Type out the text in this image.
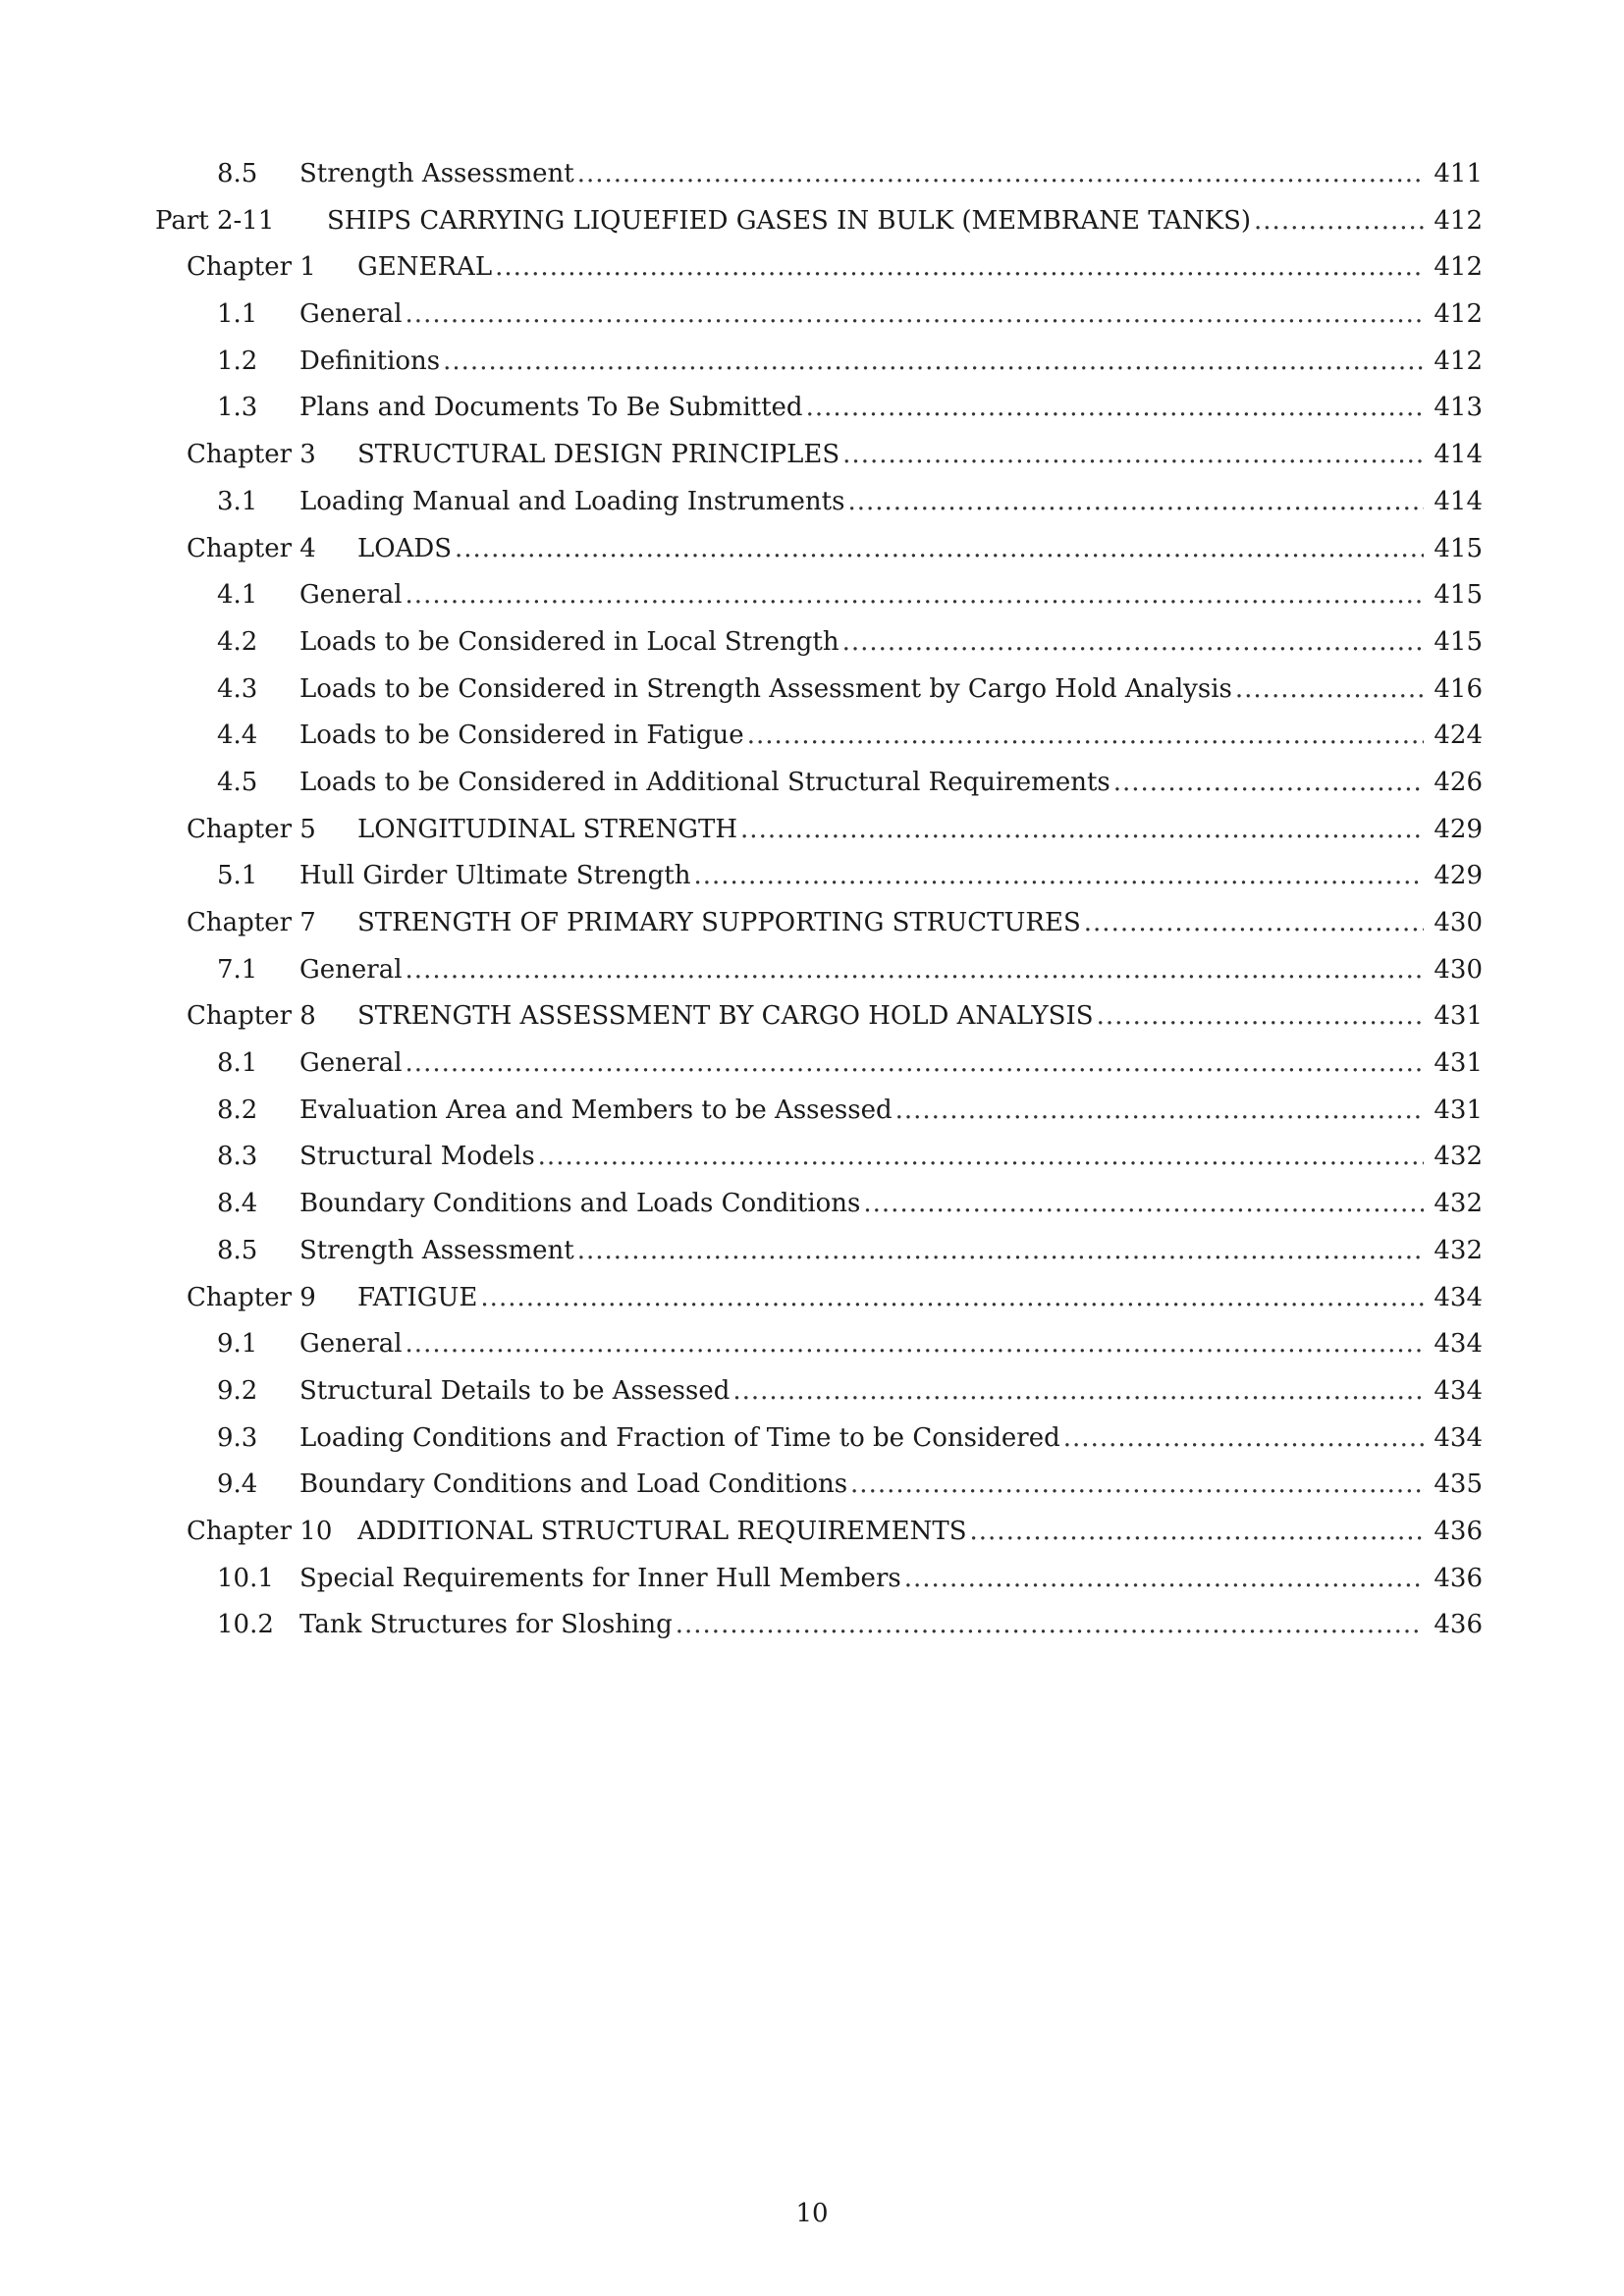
8.5 Strength Assessment .....	411
Part 2-11 SHIPS CARRYING LIQUEFIED GASES IN BULK (MEMBRANE TANKS) .....	412
Chapter 1 GENERAL .....	412
1.1 General .....	412
1.2 Definitions .....	412
1.3 Plans and Documents To Be Submitted .....	413
Chapter 3 STRUCTURAL DESIGN PRINCIPLES .....	414
3.1 Loading Manual and Loading Instruments .....	414
Chapter 4 LOADS .....	415
4.1 General .....	415
4.2 Loads to be Considered in Local Strength .....	415
4.3 Loads to be Considered in Strength Assessment by Cargo Hold Analysis .....	416
4.4 Loads to be Considered in Fatigue .....	424
4.5 Loads to be Considered in Additional Structural Requirements .....	426
Chapter 5 LONGITUDINAL STRENGTH .....	429
5.1 Hull Girder Ultimate Strength .....	429
Chapter 7 STRENGTH OF PRIMARY SUPPORTING STRUCTURES .....	430
7.1 General .....	430
Chapter 8 STRENGTH ASSESSMENT BY CARGO HOLD ANALYSIS .....	431
8.1 General .....	431
8.2 Evaluation Area and Members to be Assessed .....	431
8.3 Structural Models .....	432
8.4 Boundary Conditions and Loads Conditions .....	432
8.5 Strength Assessment .....	432
Chapter 9 FATIGUE .....	434
9.1 General .....	434
9.2 Structural Details to be Assessed .....	434
9.3 Loading Conditions and Fraction of Time to be Considered .....	434
9.4 Boundary Conditions and Load Conditions .....	435
Chapter 10 ADDITIONAL STRUCTURAL REQUIREMENTS .....	436
10.1 Special Requirements for Inner Hull Members .....	436
10.2 Tank Structures for Sloshing .....	436
10
